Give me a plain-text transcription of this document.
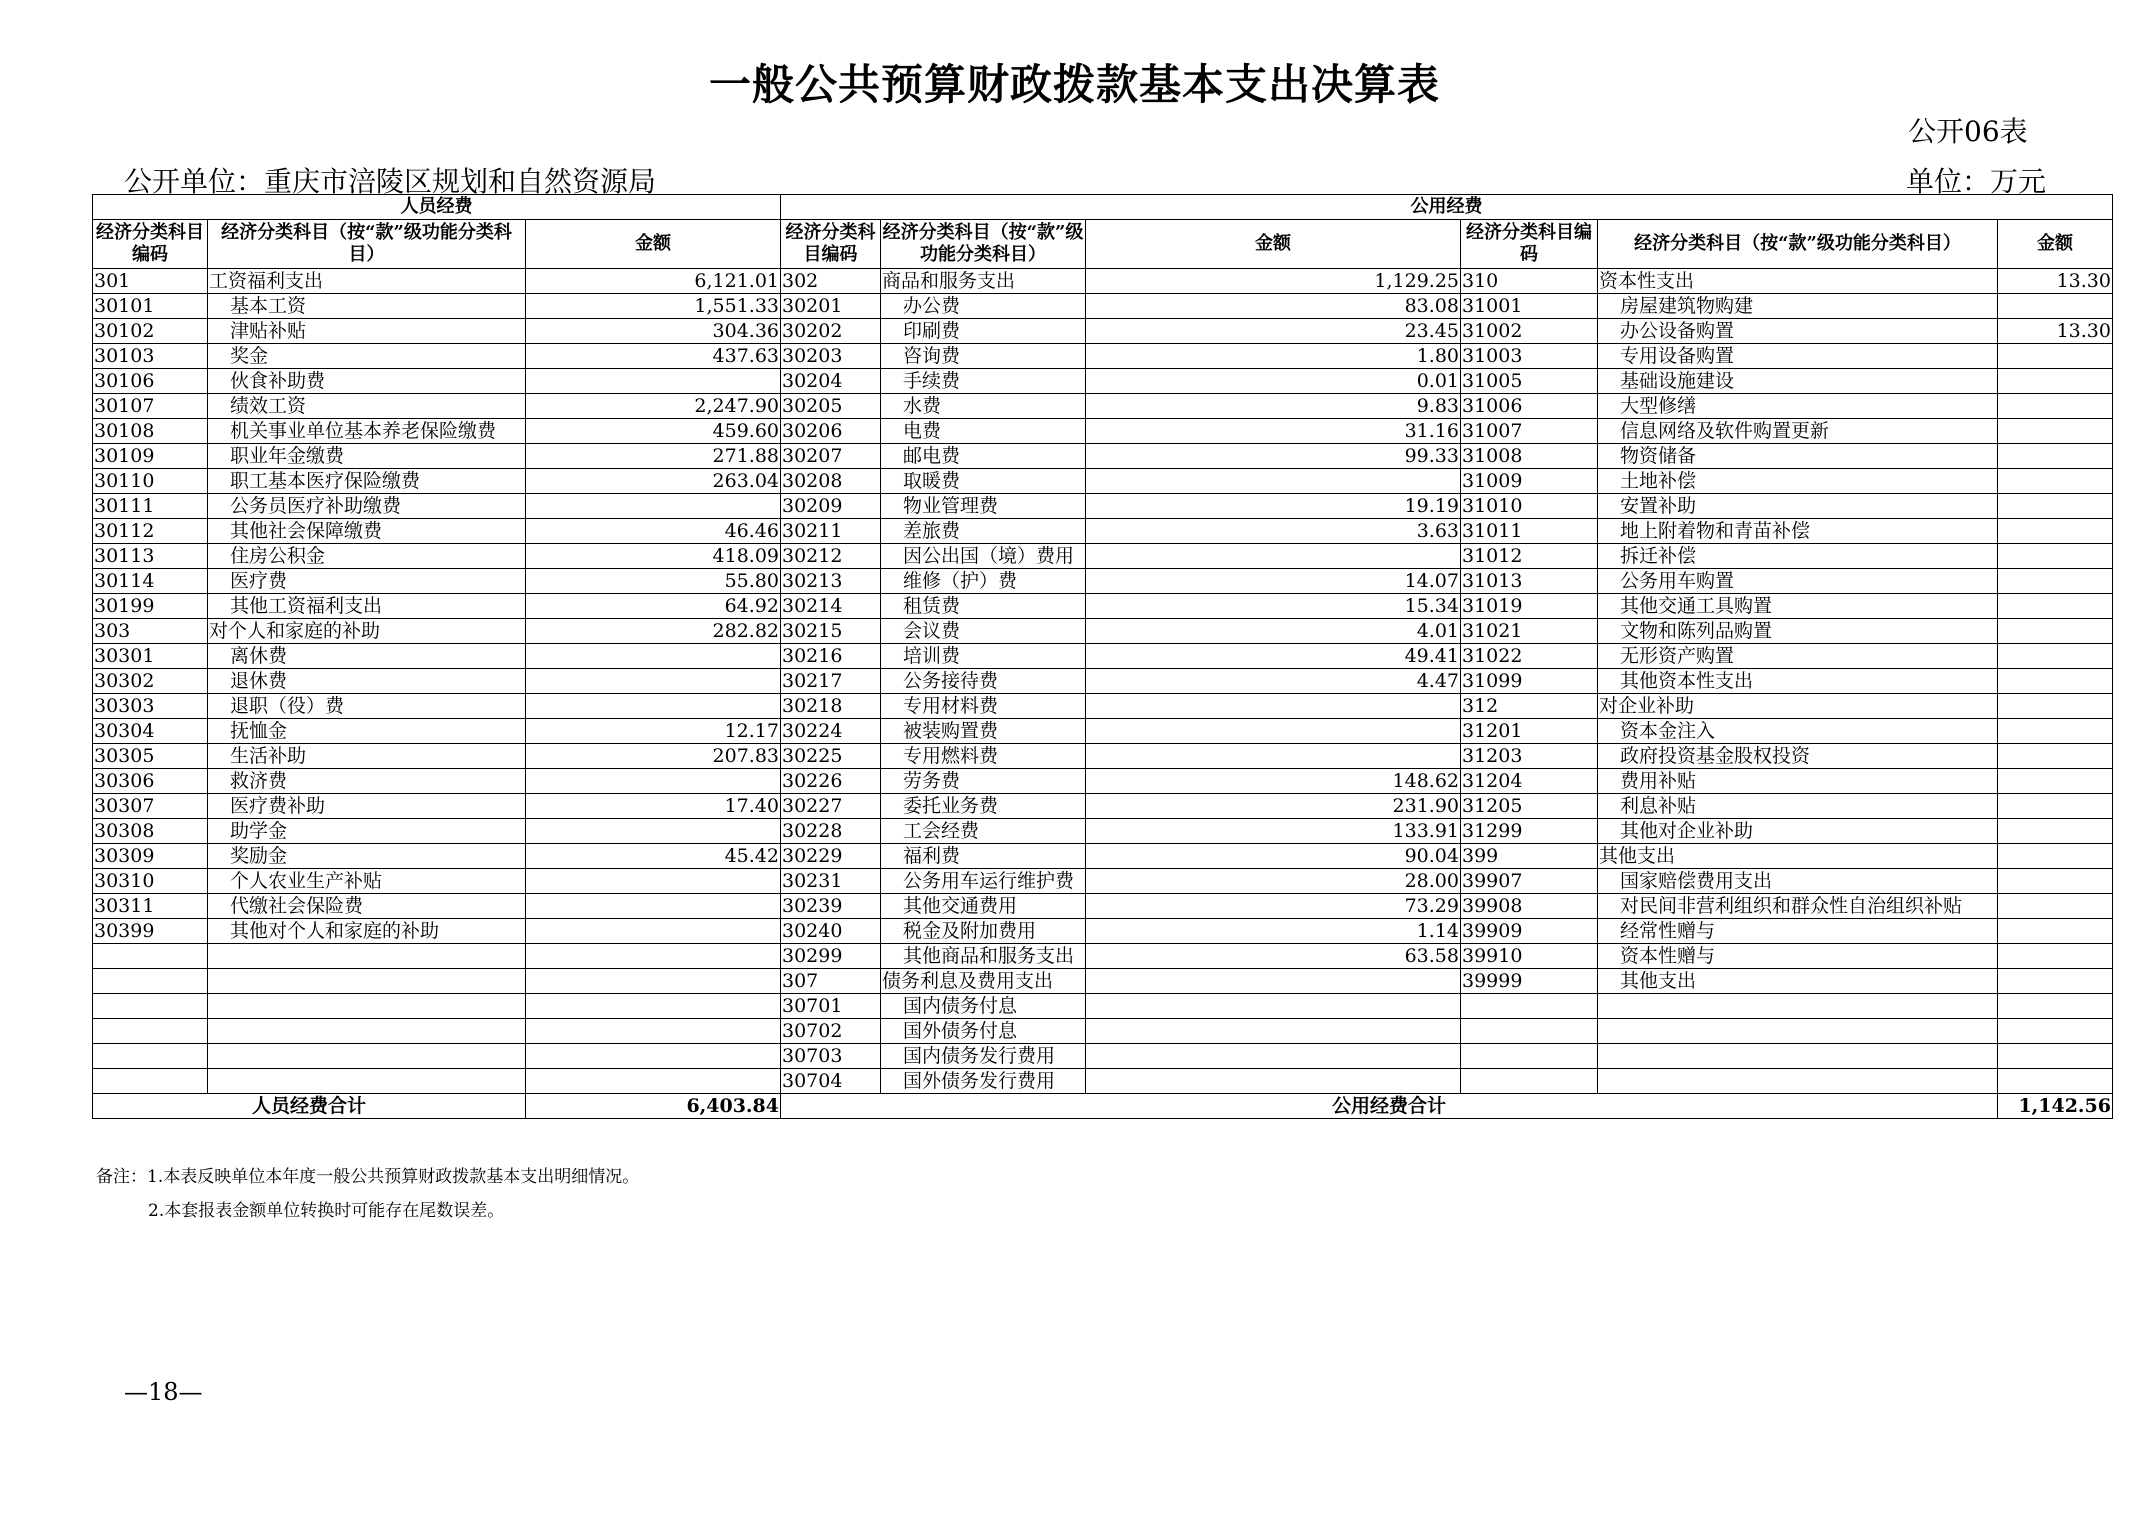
一般公共预算财政拨款基本支出决算表
公开06表
公开单位：重庆市涪陵区规划和自然资源局	单位：万元
人员经费			公用经费					
经济分类科目编码	经济分类科目（按“款”级功能分类科目）	金额	经济分类科目编码	经济分类科目（按“款”级功能分类科目）	金额	经济分类科目编码	经济分类科目（按“款”级功能分类科目）	金额
301	工资福利支出	6,121.01	302	商品和服务支出	1,129.25	310	资本性支出	13.30
30101	基本工资	1,551.33	30201	办公费	83.08	31001	房屋建筑物购建	
30102	津贴补贴	304.36	30202	印刷费	23.45	31002	办公设备购置	13.30
30103	奖金	437.63	30203	咨询费	1.80	31003	专用设备购置	
30106	伙食补助费		30204	手续费	0.01	31005	基础设施建设	
30107	绩效工资	2,247.90	30205	水费	9.83	31006	大型修缮	
30108	机关事业单位基本养老保险缴费	459.60	30206	电费	31.16	31007	信息网络及软件购置更新	
30109	职业年金缴费	271.88	30207	邮电费	99.33	31008	物资储备	
30110	职工基本医疗保险缴费	263.04	30208	取暖费		31009	土地补偿	
30111	公务员医疗补助缴费		30209	物业管理费	19.19	31010	安置补助	
30112	其他社会保障缴费	46.46	30211	差旅费	3.63	31011	地上附着物和青苗补偿	
30113	住房公积金	418.09	30212	因公出国（境）费用		31012	拆迁补偿	
30114	医疗费	55.80	30213	维修（护）费	14.07	31013	公务用车购置	
30199	其他工资福利支出	64.92	30214	租赁费	15.34	31019	其他交通工具购置	
303	对个人和家庭的补助	282.82	30215	会议费	4.01	31021	文物和陈列品购置	
30301	离休费		30216	培训费	49.41	31022	无形资产购置	
30302	退休费		30217	公务接待费	4.47	31099	其他资本性支出	
30303	退职（役）费		30218	专用材料费		312	对企业补助	
30304	抚恤金	12.17	30224	被装购置费		31201	资本金注入	
30305	生活补助	207.83	30225	专用燃料费		31203	政府投资基金股权投资	
30306	救济费		30226	劳务费	148.62	31204	费用补贴	
30307	医疗费补助	17.40	30227	委托业务费	231.90	31205	利息补贴	
30308	助学金		30228	工会经费	133.91	31299	其他对企业补助	
30309	奖励金	45.42	30229	福利费	90.04	399	其他支出	
30310	个人农业生产补贴		30231	公务用车运行维护费	28.00	39907	国家赔偿费用支出	
30311	代缴社会保险费		30239	其他交通费用	73.29	39908	对民间非营利组织和群众性自治组织补贴	
30399	其他对个人和家庭的补助		30240	税金及附加费用	1.14	39909	经常性赠与	
			30299	其他商品和服务支出	63.58	39910	资本性赠与	
			307	债务利息及费用支出		39999	其他支出	
			30701	国内债务付息				
			30702	国外债务付息				
			30703	国内债务发行费用				
			30704	国外债务发行费用				
人员经费合计		6,403.84	公用经费合计					1,142.56
备注：1.本表反映单位本年度一般公共预算财政拨款基本支出明细情况。
2.本套报表金额单位转换时可能存在尾数误差。
—18—
